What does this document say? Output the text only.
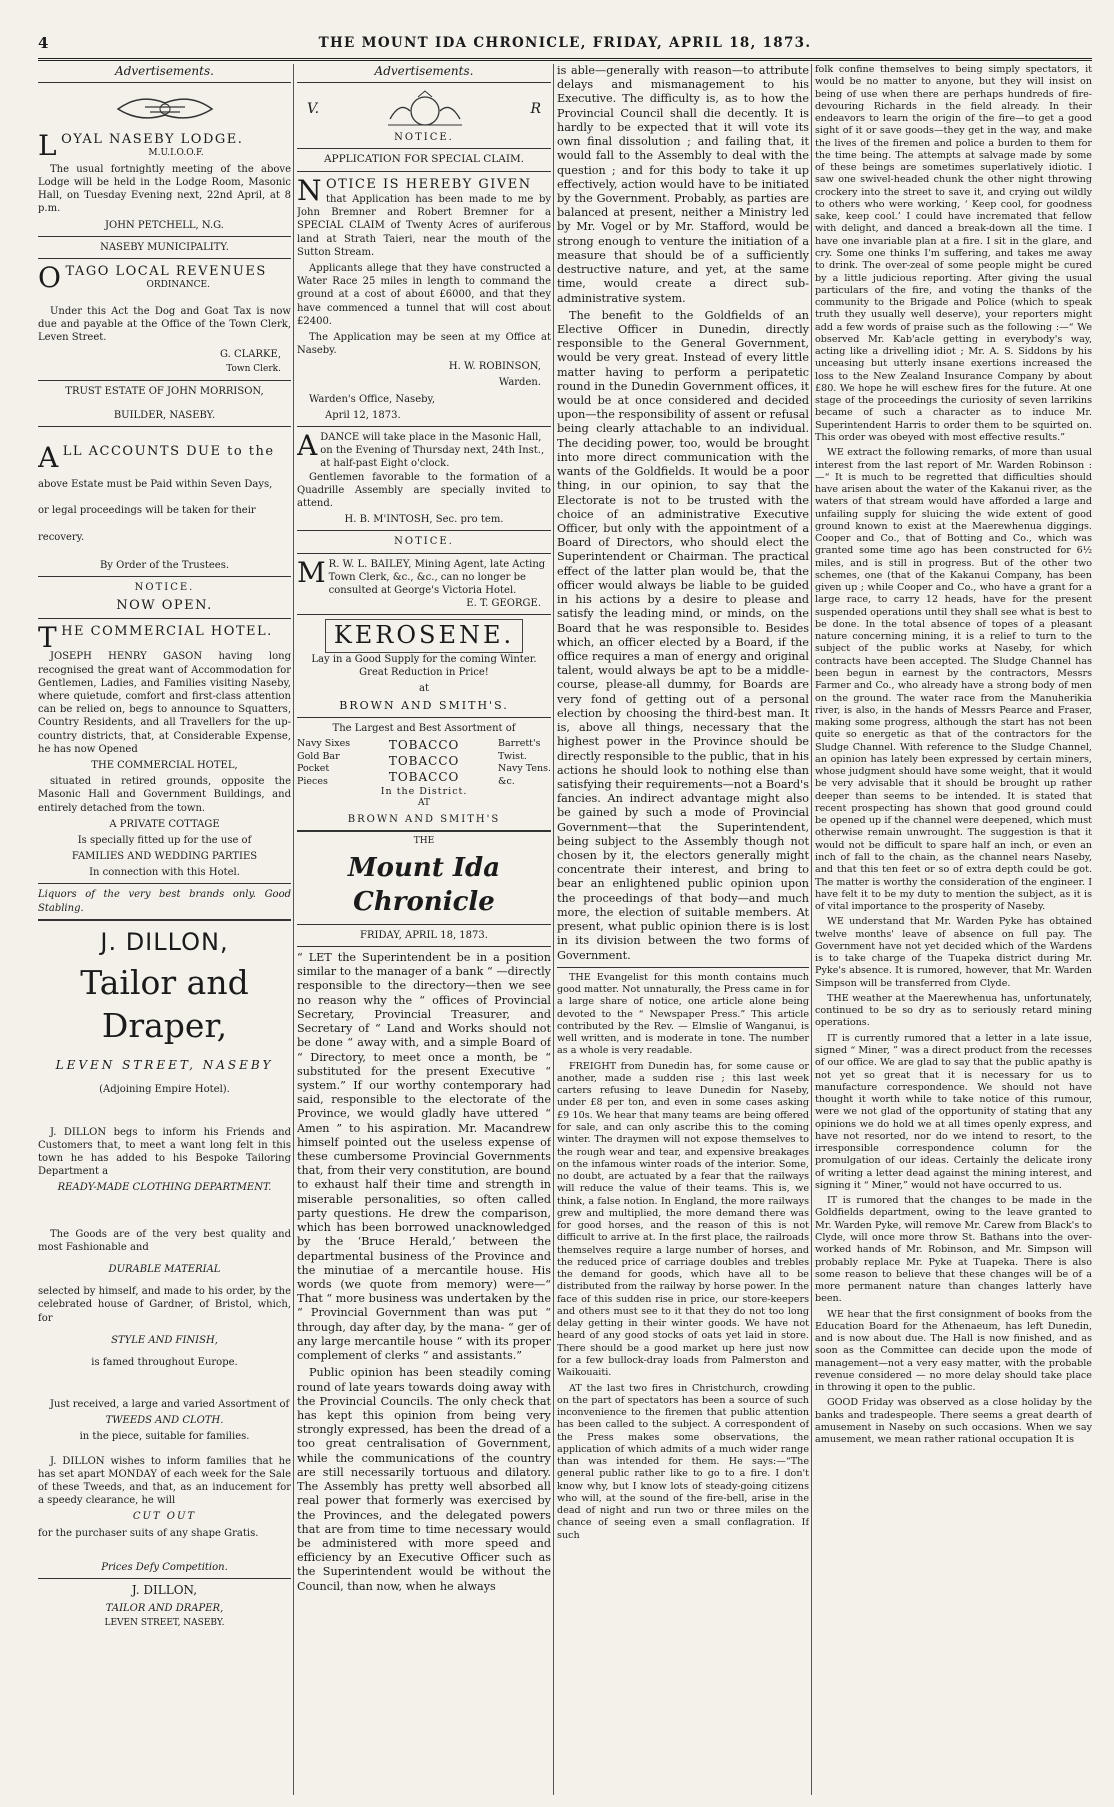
4	THE MOUNT IDA CHRONICLE, FRIDAY, APRIL 18, 1873.
Advertisements.
LOYAL NASEBY LODGE.

M.U.I.O.O.F.

The usual fortnightly meeting of the above Lodge will be held in the Lodge Room, Masonic Hall, on Tuesday Evening next, 22nd April, at 8 p.m.

JOHN PETCHELL, N.G.

NASEBY MUNICIPALITY.

OTAGO LOCAL REVENUES

ORDINANCE.

Under this Act the Dog and Goat Tax is now due and payable at the Office of the Town Clerk, Leven Street.

G. CLARKE,

Town Clerk.

TRUST ESTATE OF JOHN MORRISON,

BUILDER, NASEBY.

ALL ACCOUNTS DUE to the

above Estate must be Paid within Seven Days,

or legal proceedings will be taken for their

recovery.

By Order of the Trustees.

NOTICE.

NOW OPEN.

THE COMMERCIAL HOTEL.

JOSEPH HENRY GASON having long recognised the great want of Accommodation for Gentlemen, Ladies, and Families visiting Naseby, where quietude, comfort and first-class attention can be relied on, begs to announce to Squatters, Country Residents, and all Travellers for the up-country districts, that, at Considerable Expense, he has now Opened

THE COMMERCIAL HOTEL,

situated in retired grounds, opposite the Masonic Hall and Government Buildings, and entirely detached from the town.

A PRIVATE COTTAGE

Is specially fitted up for the use of

FAMILIES AND WEDDING PARTIES

In connection with this Hotel.

Liquors of the very best brands only. Good Stabling.

J. DILLON,
Tailor and Draper,
LEVEN STREET, NASEBY

(Adjoining Empire Hotel).

J. DILLON begs to inform his Friends and Customers that, to meet a want long felt in this town he has added to his Bespoke Tailoring Department a

READY-MADE CLOTHING DEPARTMENT.

The Goods are of the very best quality and most Fashionable and

DURABLE MATERIAL

selected by himself, and made to his order, by the celebrated house of Gardner, of Bristol, which, for

STYLE AND FINISH,

is famed throughout Europe.

Just received, a large and varied Assortment of

TWEEDS AND CLOTH.

in the piece, suitable for families.

J. DILLON wishes to inform families that he has set apart MONDAY of each week for the Sale of these Tweeds, and that, as an inducement for a speedy clearance, he will

CUT OUT

for the purchaser suits of any shape Gratis.

Prices Defy Competition.

J. DILLON,

TAILOR AND DRAPER,

LEVEN STREET, NASEBY.

Advertisements.
V.	R

NOTICE.

APPLICATION FOR SPECIAL CLAIM.

NOTICE IS HEREBY GIVEN

that Application has been made to me by John Bremner and Robert Bremner for a SPECIAL CLAIM of Twenty Acres of auriferous land at Strath Taieri, near the mouth of the Sutton Stream.

Applicants allege that they have constructed a Water Race 25 miles in length to command the ground at a cost of about £6000, and that they have commenced a tunnel that will cost about £2400.

The Application may be seen at my Office at Naseby.

H. W. ROBINSON,

Warden.

Warden's Office, Naseby,

April 12, 1873.

ADANCE will take place in the Masonic Hall, on the Evening of Thursday next, 24th Inst., at half-past Eight o'clock.

Gentlemen favorable to the formation of a Quadrille Assembly are specially invited to attend.

H. B. M'INTOSH, Sec. pro tem.

NOTICE.

M R. W. L. BAILEY, Mining Agent, late Acting Town Clerk, &c., &c., can no longer be consulted at George's Victoria Hotel.

E. T. GEORGE.

KEROSENE.

Lay in a Good Supply for the coming Winter. Great Reduction in Price!

at

BROWN AND SMITH'S.

The Largest and Best Assortment of

Navy Sixes
Gold Bar
Pocket
Pieces
TOBACCO
TOBACCO
TOBACCO
In the District.
Barrett's
Twist.
Navy Tens.
&c.

AT

BROWN AND SMITH'S

THE

Mount Ida Chronicle

FRIDAY, APRIL 18, 1873.

“ LET the Superintendent be in a position similar to the manager of a bank “ —directly responsible to the directory—then we see no reason why the “ offices of Provincial Secretary, Provincial Treasurer, and Secretary of “ Land and Works should not be done “ away with, and a simple Board of “ Directory, to meet once a month, be “ substituted for the present Executive “ system.” If our worthy contemporary had said, responsible to the electorate of the Province, we would gladly have uttered “ Amen ” to his aspiration. Mr. Macandrew himself pointed out the useless expense of these cumbersome Provincial Governments that, from their very constitution, are bound to exhaust half their time and strength in miserable personalities, so often called party questions. He drew the comparison, which has been borrowed unacknowledged by the ‘Bruce Herald,’ between the departmental business of the Province and the minutiae of a mercantile house. His words (we quote from memory) were—“ That “ more business was undertaken by the “ Provincial Government than was put “ through, day after day, by the mana- “ ger of any large mercantile house “ with its proper complement of clerks “ and assistants.”

Public opinion has been steadily coming round of late years towards doing away with the Provincial Councils. The only check that has kept this opinion from being very strongly expressed, has been the dread of a too great centralisation of Government, while the communications of the country are still necessarily tortuous and dilatory. The Assembly has pretty well absorbed all real power that formerly was exercised by the Provinces, and the delegated powers that are from time to time necessary would be administered with more speed and efficiency by an Executive Officer such as the Superintendent would be without the Council, than now, when he always

is able—generally with reason—to attribute delays and mismanagement to his Executive. The difficulty is, as to how the Provincial Council shall die decently. It is hardly to be expected that it will vote its own final dissolution ; and failing that, it would fall to the Assembly to deal with the question ; and for this body to take it up effectively, action would have to be initiated by the Government. Probably, as parties are balanced at present, neither a Ministry led by Mr. Vogel or by Mr. Stafford, would be strong enough to venture the initiation of a measure that should be of a sufficiently destructive nature, and yet, at the same time, would create a direct sub-administrative system.

The benefit to the Goldfields of an Elective Officer in Dunedin, directly responsible to the General Government, would be very great. Instead of every little matter having to perform a peripatetic round in the Dunedin Government offices, it would be at once considered and decided upon—the responsibility of assent or refusal being clearly attachable to an individual. The deciding power, too, would be brought into more direct communication with the wants of the Goldfields. It would be a poor thing, in our opinion, to say that the Electorate is not to be trusted with the choice of an administrative Executive Officer, but only with the appointment of a Board of Directors, who should elect the Superintendent or Chairman. The practical effect of the latter plan would be, that the officer would always be liable to be guided in his actions by a desire to please and satisfy the leading mind, or minds, on the Board that he was responsible to. Besides which, an officer elected by a Board, if the office requires a man of energy and original talent, would always be apt to be a middle-course, please-all dummy, for Boards are very fond of getting out of a personal election by choosing the third-best man. It is, above all things, necessary that the highest power in the Province should be directly responsible to the public, that in his actions he should look to nothing else than satisfying their requirements—not a Board's fancies. An indirect advantage might also be gained by such a mode of Provincial Government—that the Superintendent, being subject to the Assembly though not chosen by it, the electors generally might concentrate their interest, and bring to bear an enlightened public opinion upon the proceedings of that body—and much more, the election of suitable members. At present, what public opinion there is is lost in its division between the two forms of Government.

THE Evangelist for this month contains much good matter. Not unnaturally, the Press came in for a large share of notice, one article alone being devoted to the “ Newspaper Press.” This article contributed by the Rev. — Elmslie of Wanganui, is well written, and is moderate in tone. The number as a whole is very readable.

FREIGHT from Dunedin has, for some cause or another, made a sudden rise ; this last week carters refusing to leave Dunedin for Naseby, under £8 per ton, and even in some cases asking £9 10s. We hear that many teams are being offered for sale, and can only ascribe this to the coming winter. The draymen will not expose themselves to the rough wear and tear, and expensive breakages on the infamous winter roads of the interior. Some, no doubt, are actuated by a fear that the railways will reduce the value of their teams. This is, we think, a false notion. In England, the more railways grew and multiplied, the more demand there was for good horses, and the reason of this is not difficult to arrive at. In the first place, the railroads themselves require a large number of horses, and the reduced price of carriage doubles and trebles the demand for goods, which have all to be distributed from the railway by horse power. In the face of this sudden rise in price, our store-keepers and others must see to it that they do not too long delay getting in their winter goods. We have not heard of any good stocks of oats yet laid in store. There should be a good market up here just now for a few bullock-dray loads from Palmerston and Waikouaiti.

AT the last two fires in Christchurch, crowding on the part of spectators has been a source of such inconvenience to the firemen that public attention has been called to the subject. A correspondent of the Press makes some observations, the application of which admits of a much wider range than was intended for them. He says:—“The general public rather like to go to a fire. I don't know why, but I know lots of steady-going citizens who will, at the sound of the fire-bell, arise in the dead of night and run two or three miles on the chance of seeing even a small conflagration. If such

folk confine themselves to being simply spectators, it would be no matter to anyone, but they will insist on being of use when there are perhaps hundreds of fire-devouring Richards in the field already. In their endeavors to learn the origin of the fire—to get a good sight of it or save goods—they get in the way, and make the lives of the firemen and police a burden to them for the time being. The attempts at salvage made by some of these beings are sometimes superlatively idiotic. I saw one swivel-headed chunk the other night throwing crockery into the street to save it, and crying out wildly to others who were working, ‘ Keep cool, for goodness sake, keep cool.’ I could have incremated that fellow with delight, and danced a break-down all the time. I have one invariable plan at a fire. I sit in the glare, and cry. Some one thinks I'm suffering, and takes me away to drink. The over-zeal of some people might be cured by a little judicious reporting. After giving the usual particulars of the fire, and voting the thanks of the community to the Brigade and Police (which to speak truth they usually well deserve), your reporters might add a few words of praise such as the following :—“ We observed Mr. Kab'acle getting in everybody's way, acting like a drivelling idiot ; Mr. A. S. Siddons by his unceasing but utterly insane exertions increased the loss to the New Zealand Insurance Company by about £80. We hope he will eschew fires for the future. At one stage of the proceedings the curiosity of seven larrikins became of such a character as to induce Mr. Superintendent Harris to order them to be squirted on. This order was obeyed with most effective results.”

WE extract the following remarks, of more than usual interest from the last report of Mr. Warden Robinson :—“ It is much to be regretted that difficulties should have arisen about the water of the Kakanui river, as the waters of that stream would have afforded a large and unfailing supply for sluicing the wide extent of good ground known to exist at the Maerewhenua diggings. Cooper and Co., that of Botting and Co., which was granted some time ago has been constructed for 6½ miles, and is still in progress. But of the other two schemes, one (that of the Kakanui Company, has been given up ; while Cooper and Co., who have a grant for a large race, to carry 12 heads, have for the present suspended operations until they shall see what is best to be done. In the total absence of topes of a pleasant nature concerning mining, it is a relief to turn to the subject of the public works at Naseby, for which contracts have been accepted. The Sludge Channel has been begun in earnest by the contractors, Messrs Farmer and Co., who already have a strong body of men on the ground. The water race from the Manuherikia river, is also, in the hands of Messrs Pearce and Fraser, making some progress, although the start has not been quite so energetic as that of the contractors for the Sludge Channel. With reference to the Sludge Channel, an opinion has lately been expressed by certain miners, whose judgment should have some weight, that it would be very advisable that it should be brought up rather deeper than seems to be intended. It is stated that recent prospecting has shown that good ground could be opened up if the channel were deepened, which must otherwise remain unwrought. The suggestion is that it would not be difficult to spare half an inch, or even an inch of fall to the chain, as the channel nears Naseby, and that this ten feet or so of extra depth could be got. The matter is worthy the consideration of the engineer. I have felt it to be my duty to mention the subject, as it is of vital importance to the prosperity of Naseby.

WE understand that Mr. Warden Pyke has obtained twelve months' leave of absence on full pay. The Government have not yet decided which of the Wardens is to take charge of the Tuapeka district during Mr. Pyke's absence. It is rumored, however, that Mr. Warden Simpson will be transferred from Clyde.

THE weather at the Maerewhenua has, unfortunately, continued to be so dry as to seriously retard mining operations.

IT is currently rumored that a letter in a late issue, signed “ Miner, ” was a direct product from the recesses of our office. We are glad to say that the public apathy is not yet so great that it is necessary for us to manufacture correspondence. We should not have thought it worth while to take notice of this rumour, were we not glad of the opportunity of stating that any opinions we do hold we at all times openly express, and have not resorted, nor do we intend to resort, to the irresponsible correspondence column for the promulgation of our ideas. Certainly the delicate irony of writing a letter dead against the mining interest, and signing it “ Miner,” would not have occurred to us.

IT is rumored that the changes to be made in the Goldfields department, owing to the leave granted to Mr. Warden Pyke, will remove Mr. Carew from Black's to Clyde, will once more throw St. Bathans into the over-worked hands of Mr. Robinson, and Mr. Simpson will probably replace Mr. Pyke at Tuapeka. There is also some reason to believe that these changes will be of a more permanent nature than changes latterly have been.

WE hear that the first consignment of books from the Education Board for the Athenaeum, has left Dunedin, and is now about due. The Hall is now finished, and as soon as the Committee can decide upon the mode of management—not a very easy matter, with the probable revenue considered — no more delay should take place in throwing it open to the public.

GOOD Friday was observed as a close holiday by the banks and tradespeople. There seems a great dearth of amusement in Naseby on such occasions. When we say amusement, we mean rather rational occupation It is
